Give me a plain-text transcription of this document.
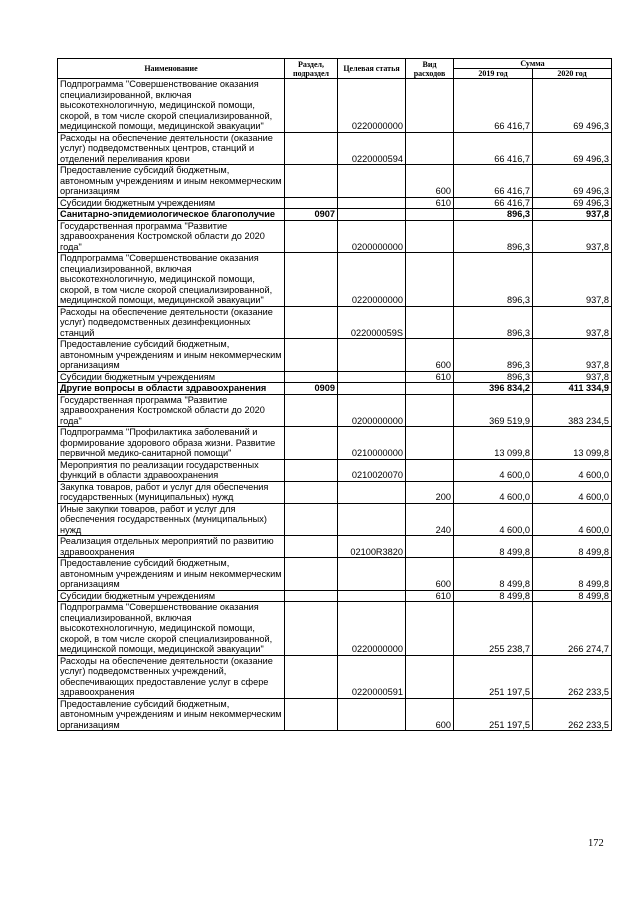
Наименование	Раздел, подраздел	Целевая статья	Вид расходов	Сумма	
				2019 год	2020 год
Подпрограмма "Совершенствование оказания специализированной, включая высокотехнологичную, медицинской помощи, скорой, в том числе скорой специализированной, медицинской помощи, медицинской эвакуации"		0220000000		66 416,7	69 496,3
Расходы на обеспечение деятельности (оказание услуг) подведомственных центров, станций и отделений переливания крови		0220000594		66 416,7	69 496,3
Предоставление субсидий бюджетным, автономным учреждениям и иным некоммерческим организациям			600	66 416,7	69 496,3
Субсидии бюджетным учреждениям			610	66 416,7	69 496,3
Санитарно-эпидемиологическое благополучие	0907			896,3	937,8
Государственная программа "Развитие здравоохранения Костромской области до 2020 года"		0200000000		896,3	937,8
Подпрограмма "Совершенствование оказания специализированной, включая высокотехнологичную, медицинской помощи, скорой, в том числе скорой специализированной, медицинской помощи, медицинской эвакуации"		0220000000		896,3	937,8
Расходы на обеспечение деятельности (оказание услуг) подведомственных дезинфекционных станций		022000059S		896,3	937,8
Предоставление субсидий бюджетным, автономным учреждениям и иным некоммерческим организациям			600	896,3	937,8
Субсидии бюджетным учреждениям			610	896,3	937,8
Другие вопросы в области здравоохранения	0909			396 834,2	411 334,9
Государственная программа "Развитие здравоохранения Костромской области до 2020 года"		0200000000		369 519,9	383 234,5
Подпрограмма "Профилактика заболеваний и формирование здорового образа жизни. Развитие первичной медико-санитарной помощи"		0210000000		13 099,8	13 099,8
Мероприятия по реализации государственных функций в области здравоохранения		0210020070		4 600,0	4 600,0
Закупка товаров, работ и услуг для обеспечения государственных (муниципальных) нужд			200	4 600,0	4 600,0
Иные закупки товаров, работ и услуг для обеспечения государственных (муниципальных) нужд			240	4 600,0	4 600,0
Реализация отдельных мероприятий по развитию здравоохранения		02100R3820		8 499,8	8 499,8
Предоставление субсидий бюджетным, автономным учреждениям и иным некоммерческим организациям			600	8 499,8	8 499,8
Субсидии бюджетным учреждениям			610	8 499,8	8 499,8
Подпрограмма "Совершенствование оказания специализированной, включая высокотехнологичную, медицинской помощи, скорой, в том числе скорой специализированной, медицинской помощи, медицинской эвакуации"		0220000000		255 238,7	266 274,7
Расходы на обеспечение деятельности (оказание услуг) подведомственных учреждений, обеспечивающих предоставление услуг в сфере здравоохранения		0220000591		251 197,5	262 233,5
Предоставление субсидий бюджетным, автономным учреждениям и иным некоммерческим организациям			600	251 197,5	262 233,5
172
